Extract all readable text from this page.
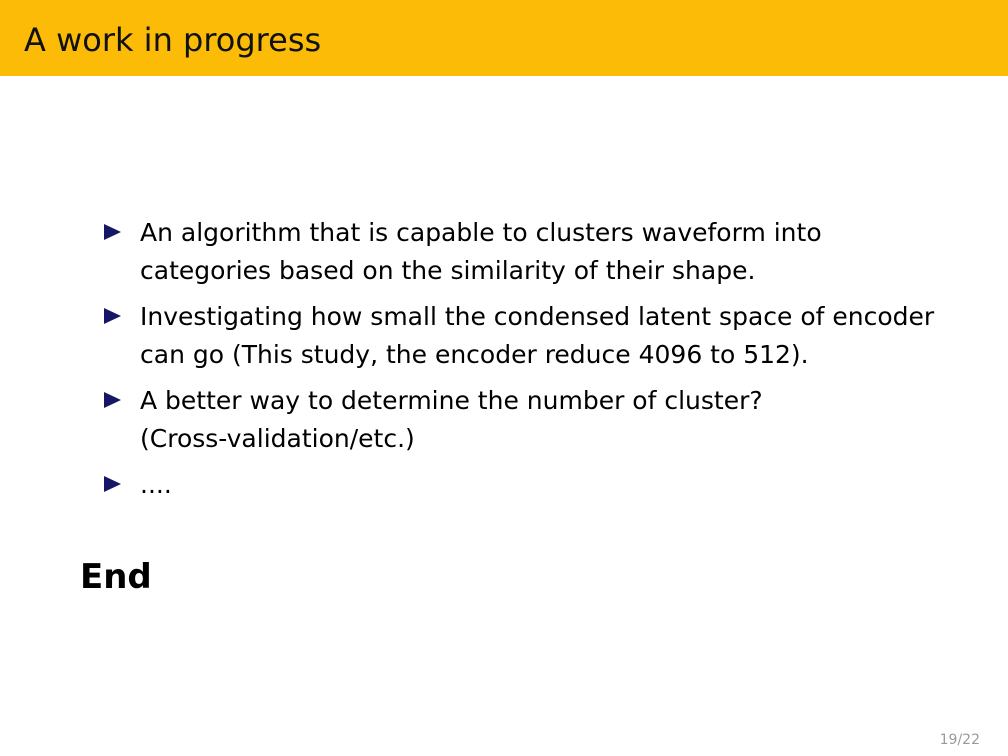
A work in progress
An algorithm that is capable to clusters waveform into
categories based on the similarity of their shape.
Investigating how small the condensed latent space of encoder
can go (This study, the encoder reduce 4096 to 512).
A better way to determine the number of cluster?
(Cross-validation/etc.)
....
End
19/22
